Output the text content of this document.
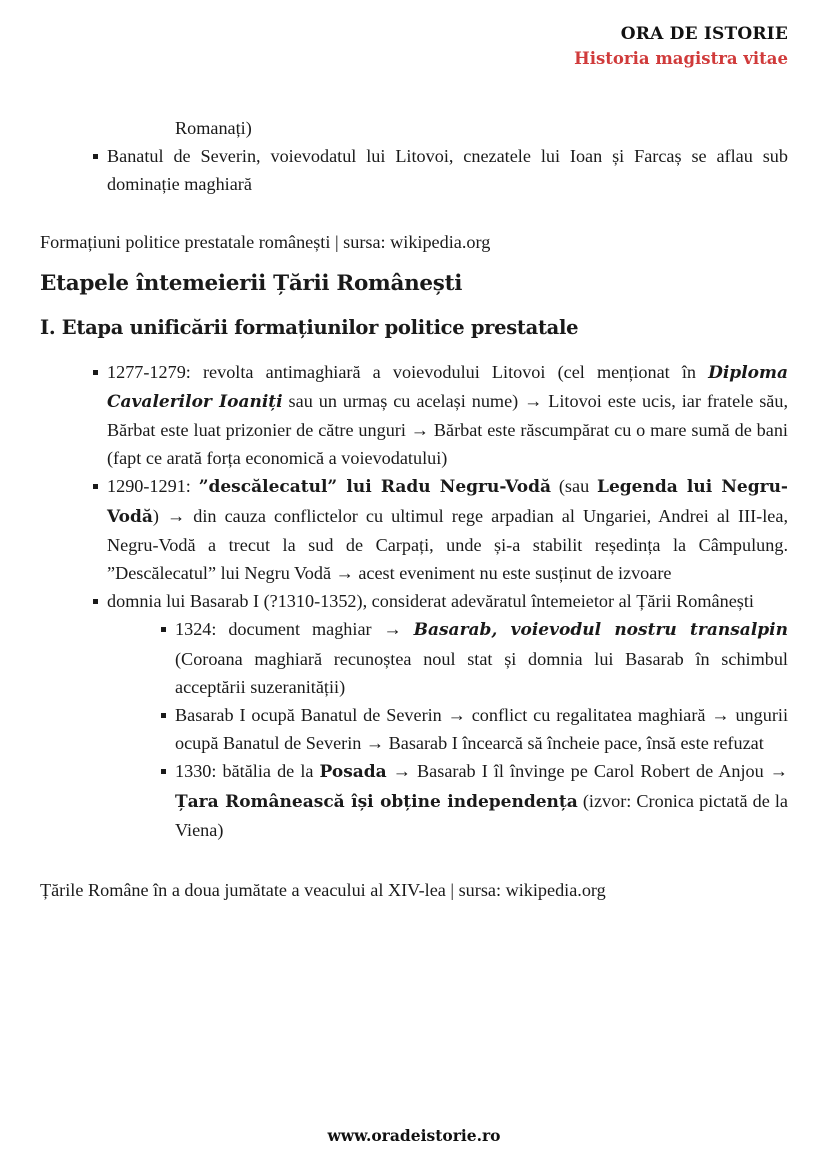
ORA DE ISTORIE
Historia magistra vitae
Romanați)
Banatul de Severin, voievodatul lui Litovoi, cnezatele lui Ioan și Farcaș se aflau sub dominație maghiară
Formațiuni politice prestatale românești | sursa: wikipedia.org
Etapele întemeierii Țării Românești
I. Etapa unificării formațiunilor politice prestatale
1277-1279: revolta antimaghiară a voievodului Litovoi (cel menționat în Diploma Cavalerilor Ioaniți sau un urmaș cu același nume) → Litovoi este ucis, iar fratele său, Bărbat este luat prizonier de către unguri → Bărbat este răscumpărat cu o mare sumă de bani (fapt ce arată forța economică a voievodatului)
1290-1291: ”descălecatul” lui Radu Negru-Vodă (sau Legenda lui Negru-Vodă) → din cauza conflictelor cu ultimul rege arpadian al Ungariei, Andrei al III-lea, Negru-Vodă a trecut la sud de Carpați, unde și-a stabilit reședința la Câmpulung. ”Descălecatul” lui Negru Vodă → acest eveniment nu este susținut de izvoare
domnia lui Basarab I (?1310-1352), considerat adevăratul întemeietor al Țării Românești
1324: document maghiar → Basarab, voievodul nostru transalpin (Coroana maghiară recunoștea noul stat și domnia lui Basarab în schimbul acceptării suzeranității)
Basarab I ocupă Banatul de Severin → conflict cu regalitatea maghiară → ungurii ocupă Banatul de Severin → Basarab I încearcă să încheie pace, însă este refuzat
1330: bătălia de la Posada → Basarab I îl învinge pe Carol Robert de Anjou → Țara Românească își obține independența (izvor: Cronica pictată de la Viena)
Țările Române în a doua jumătate a veacului al XIV-lea | sursa: wikipedia.org
www.oradeistorie.ro
